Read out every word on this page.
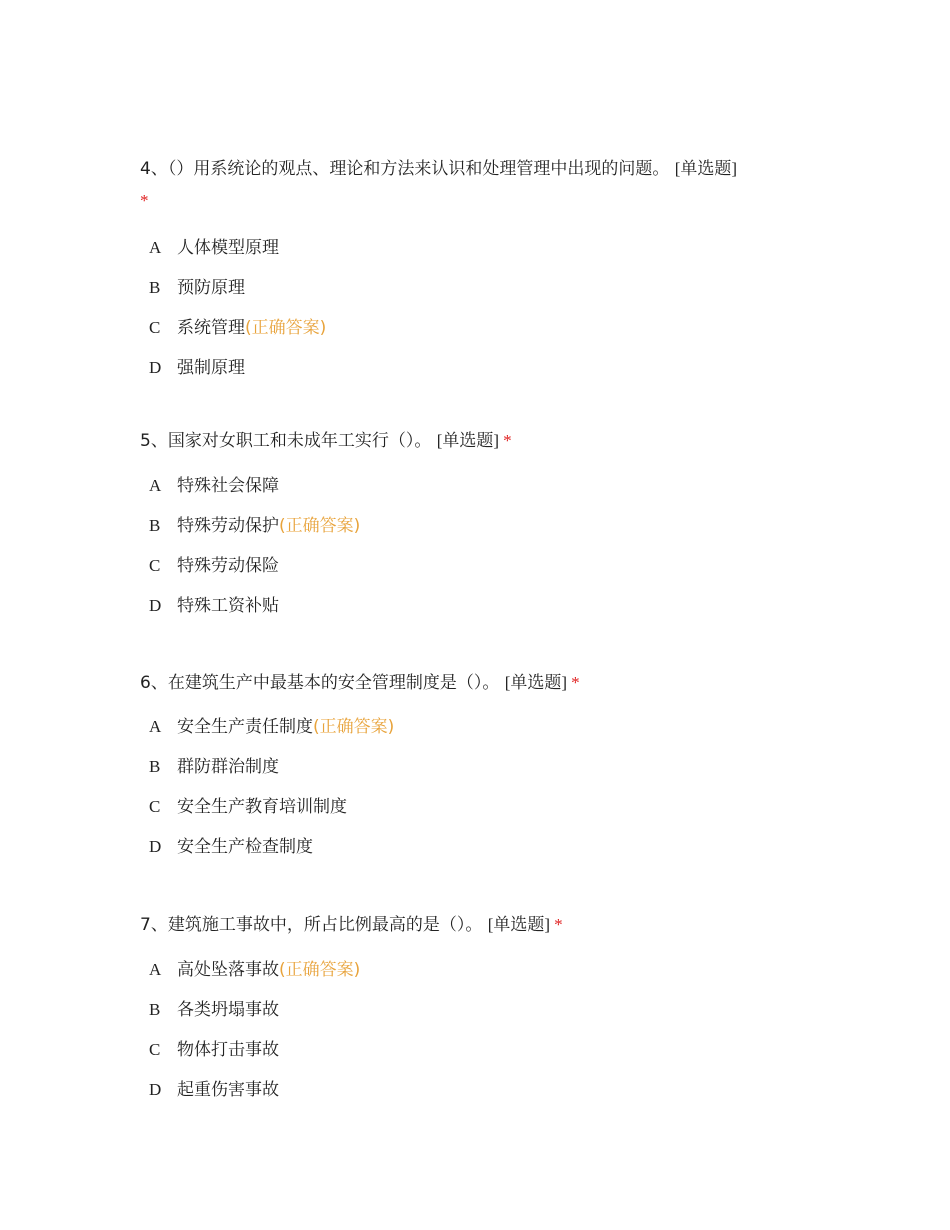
4、（）用系统论的观点、理论和方法来认识和处理管理中出现的问题。 [单选题]
*

A 人体模型原理
B 预防原理
C 系统管理 (正确答案)
D 强制原理

5、国家对女职工和未成年工实行（）。 [单选题] *

A 特殊社会保障
B 特殊劳动保护 (正确答案)
C 特殊劳动保险
D 特殊工资补贴

6、在建筑生产中最基本的安全管理制度是（）。 [单选题] *

A 安全生产责任制度 (正确答案)
B 群防群治制度
C 安全生产教育培训制度
D 安全生产检查制度

7、建筑施工事故中，所占比例最高的是（）。 [单选题] *

A 高处坠落事故 (正确答案)
B 各类坍塌事故
C 物体打击事故
D 起重伤害事故
